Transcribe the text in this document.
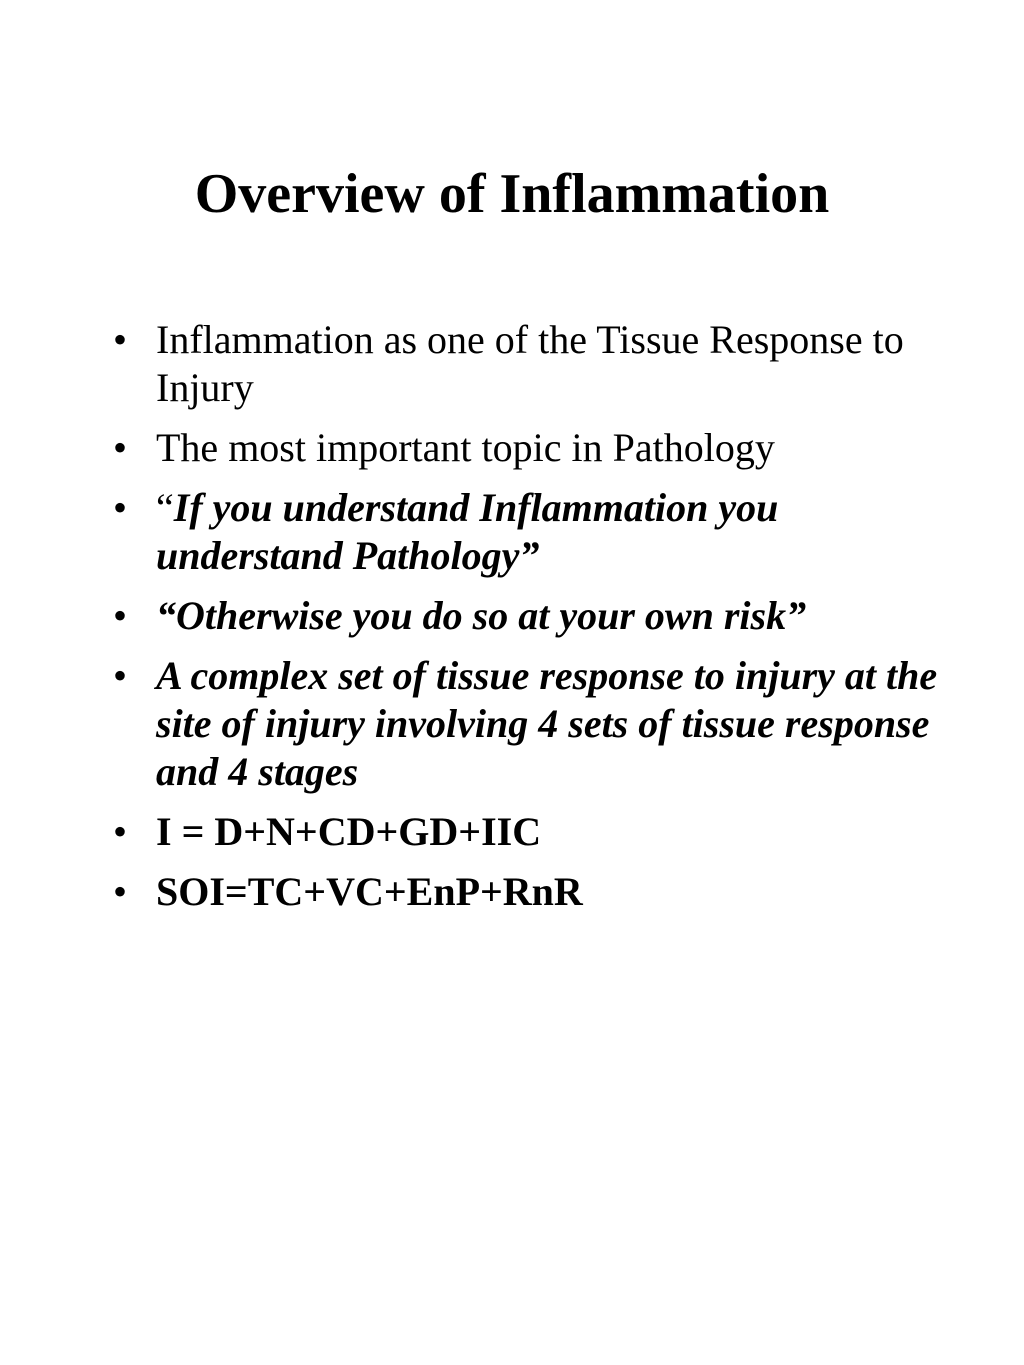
Overview of Inflammation
• Inflammation as one of the Tissue Response to Injury
• The most important topic in Pathology
• “If you understand Inflammation you understand Pathology”
• “Otherwise you do so at your own risk”
• A complex set of tissue response to injury at the site of injury involving 4 sets of tissue response and 4 stages
• I = D+N+CD+GD+IIC
• SOI=TC+VC+EnP+RnR
